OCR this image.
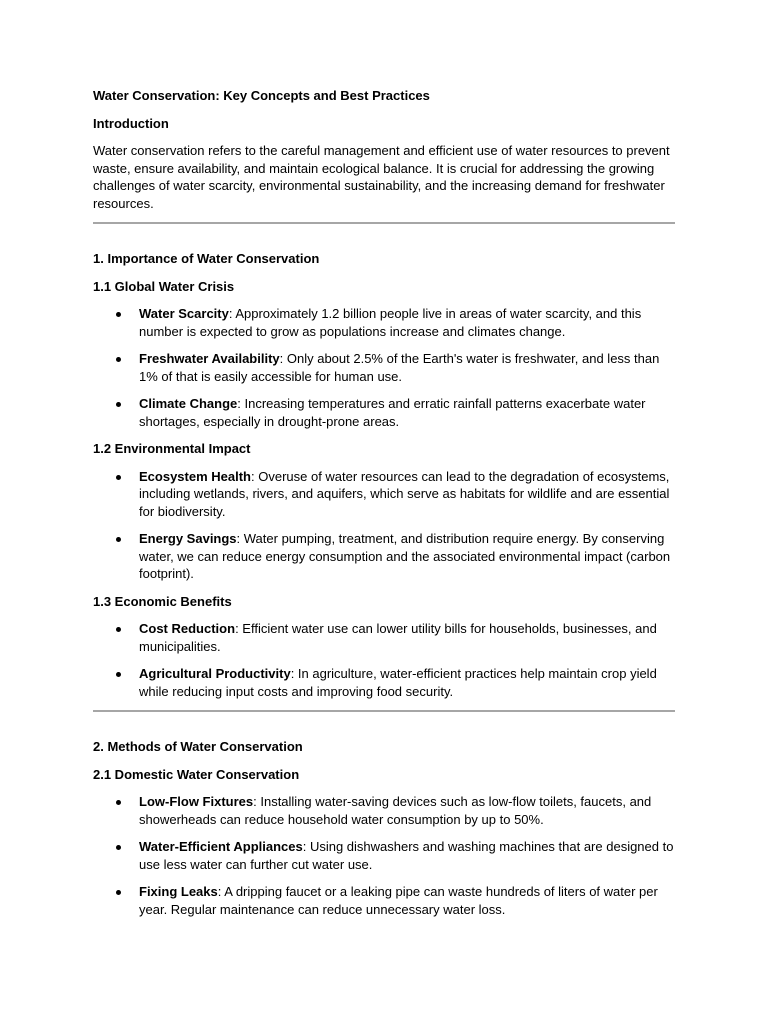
Water Conservation: Key Concepts and Best Practices

Introduction

Water conservation refers to the careful management and efficient use of water resources to prevent waste, ensure availability, and maintain ecological balance. It is crucial for addressing the growing challenges of water scarcity, environmental sustainability, and the increasing demand for freshwater resources.

1. Importance of Water Conservation

1.1 Global Water Crisis

Water Scarcity: Approximately 1.2 billion people live in areas of water scarcity, and this number is expected to grow as populations increase and climates change.
Freshwater Availability: Only about 2.5% of the Earth's water is freshwater, and less than 1% of that is easily accessible for human use.
Climate Change: Increasing temperatures and erratic rainfall patterns exacerbate water shortages, especially in drought-prone areas.

1.2 Environmental Impact

Ecosystem Health: Overuse of water resources can lead to the degradation of ecosystems, including wetlands, rivers, and aquifers, which serve as habitats for wildlife and are essential for biodiversity.
Energy Savings: Water pumping, treatment, and distribution require energy. By conserving water, we can reduce energy consumption and the associated environmental impact (carbon footprint).

1.3 Economic Benefits

Cost Reduction: Efficient water use can lower utility bills for households, businesses, and municipalities.
Agricultural Productivity: In agriculture, water-efficient practices help maintain crop yield while reducing input costs and improving food security.

2. Methods of Water Conservation

2.1 Domestic Water Conservation

Low-Flow Fixtures: Installing water-saving devices such as low-flow toilets, faucets, and showerheads can reduce household water consumption by up to 50%.
Water-Efficient Appliances: Using dishwashers and washing machines that are designed to use less water can further cut water use.
Fixing Leaks: A dripping faucet or a leaking pipe can waste hundreds of liters of water per year. Regular maintenance can reduce unnecessary water loss.
